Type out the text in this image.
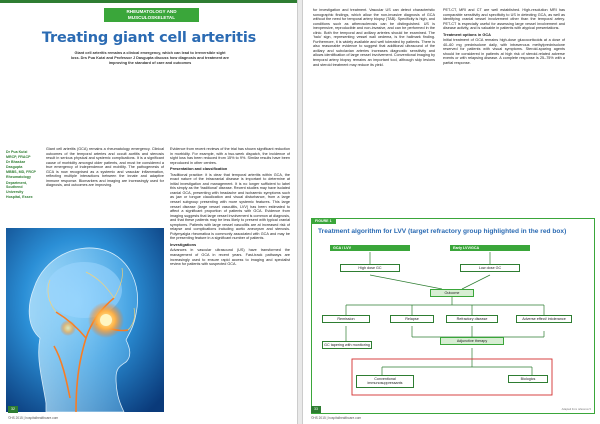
RHEUMATOLOGY AND
MUSCULOSKELETAL
Treating giant cell arteritis

Giant cell arteritis remains a clinical emergency, which can lead to irreversible sight loss. Drs Pua Kutzi and Professor J Dasgupta discuss how diagnosis and treatment are improving the standard of care and outcomes

Dr Pua Kutzi
MRCP, FRACP
Dr Bhaskar
Dasgupta
MBBS, MD, FRCP
Rheumatology
Department, Southend
University Hospital, Essex

Giant cell arteritis (GCA) remains a rheumatology emergency. Clinical outcomes of the temporal arteries and occult aortitis and stenosis result in serious physical and systemic complications. It is a significant cause of morbidity amongst older patients, and must be considered a true emergency of independence and mobility. The pathogenesis of GCA is now recognised as a systemic and vascular inflammation, reflecting multiple interactions between the innate and adaptive immune response. Biomarkers and imaging are increasingly used for diagnosis, and outcomes are improving.

Evidence from recent reviews of the trial has shown significant reduction in morbidity. For example, with a two-week dispatch, the incidence of sight loss has been reduced from 15% to 9%. Similar results have been reproduced in other centres.

Presentation and classification

Traditional practice: it is clear that temporal arteritis within GCA, the exact nature of the intracranial disease is important to determine at initial investigation and management. It is no longer sufficient to label this simply as the 'traditional' disease. Recent studies may have isolated cranial GCA, presenting with headache and ischaemic symptoms such as jaw or tongue claudication and visual disturbance, from a large vessel subgroup presenting with more systemic features. This large vessel disease (large vessel vasculitis, LVV) has been estimated to affect a significant proportion of patients with GCA. Evidence from imaging suggests that large vessel involvement is common at diagnosis, and that these patients may be less likely to present with typical cranial symptoms. Patients with large vessel vasculitis are at increased risk of relapse and complications including aortic aneurysm and stenosis. Polymyalgia rheumatica is commonly associated with GCA and may be the presenting feature in a significant number of patients.

Investigations

Advances in vascular ultrasound (US) have transformed the management of GCA in recent years. Fast-track pathways are increasingly used to ensure rapid access to imaging and specialist review for patients with suspected GCA.

32
©HS 2015 | hospitalhealthcare.com

for investigation and treatment. Vascular US can detect characteristic sonographic findings, which allow the non-invasive diagnosis of GCA without the need for temporal artery biopsy (TAB). Specificity is high, and conditions such as atherosclerosis can be distinguished. US is inexpensive, reproducible and non-invasive, and can be performed in the clinic. Both the temporal and axillary arteries should be examined. The 'halo' sign, representing vessel wall oedema, is the hallmark finding. Furthermore, it is widely available and well tolerated by patients. There is also reasonable evidence to suggest that additional ultrasound of the axillary and subclavian arteries increases diagnostic sensitivity and allows identification of large vessel involvement. Conventional imaging by temporal artery biopsy remains an important tool, although skip lesions and steroid treatment may reduce its yield.

PET-CT, MRI and CT are well established. High-resolution MRI has comparable sensitivity and specificity to US in detecting GCA, as well as identifying cranial vessel involvement other than the temporal artery. PET-CT is especially useful for assessing large vessel involvement and disease activity, and is valuable in patients with atypical presentations.

Treatment options in GCA

Initial treatment of GCA remains high-dose glucocorticoids at a dose of 40–60 mg prednisolone daily, with intravenous methylprednisolone reserved for patients with visual symptoms. Steroid-sparing agents should be considered in patients at high risk of steroid-related adverse events or with relapsing disease. A complete response is 25–75% with a partial response.

FIGURE 1
Treatment algorithm for LVV (target refractory group highlighted in the red box)
GCA / LVV	Early LVV/GCA
High dose GC	Low dose GC
Outcome
Remission	Relapse	Refractory disease	Adverse effect/ intolerance
GC tapering with monitoring
Adjunctive therapy
Conventional immunosuppressants
Biologics
Adapted from reference 5
33
©HS 2015 | hospitalhealthcare.com
